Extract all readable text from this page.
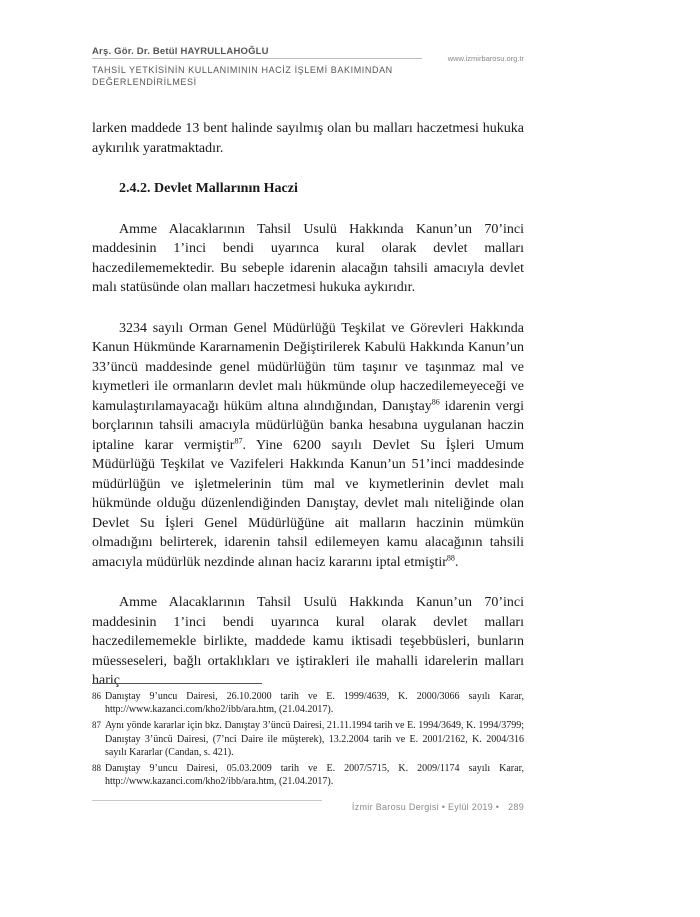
Arş. Gör. Dr. Betül HAYRULLAHOĞLU
www.izmirbarosu.org.tr
TAHSİL YETKİSİNİN KULLANIMININ HACİZ İŞLEMİ BAKIMINDAN
DEĞERLENDİRİLMESİ

larken maddede 13 bent halinde sayılmış olan bu malları haczetmesi hukuka aykırılık yaratmaktadır.

2.4.2. Devlet Mallarının Haczi

Amme Alacaklarının Tahsil Usulü Hakkında Kanun’un 70’inci maddesinin 1’inci bendi uyarınca kural olarak devlet malları haczedilememektedir. Bu sebeple idarenin alacağın tahsili amacıyla devlet malı statüsünde olan malları haczetmesi hukuka aykırıdır.

3234 sayılı Orman Genel Müdürlüğü Teşkilat ve Görevleri Hakkında Kanun Hükmünde Kararnamenin Değiştirilerek Kabulü Hakkında Kanun’un 33’üncü maddesinde genel müdürlüğün tüm taşınır ve taşınmaz mal ve kıymetleri ile ormanların devlet malı hükmünde olup haczedilemeyeceği ve kamulaştırılamayacağı hüküm altına alındığından, Danıştay$^{86}$ idarenin vergi borçlarının tahsili amacıyla müdürlüğün banka hesabına uygulanan haczin iptaline karar vermiştir$^{87}$. Yine 6200 sayılı Devlet Su İşleri Umum Müdürlüğü Teşkilat ve Vazifeleri Hakkında Kanun’un 51’inci maddesinde müdürlüğün ve işletmelerinin tüm mal ve kıymetlerinin devlet malı hükmünde olduğu düzenlendiğinden Danıştay, devlet malı niteliğinde olan Devlet Su İşleri Genel Müdürlüğüne ait malların haczinin mümkün olmadığını belirterek, idarenin tahsil edilemeyen kamu alacağının tahsili amacıyla müdürlük nezdinde alınan haciz kararını iptal etmiştir$^{88}$.

Amme Alacaklarının Tahsil Usulü Hakkında Kanun’un 70’inci maddesinin 1’inci bendi uyarınca kural olarak devlet malları haczedilememekle birlikte, maddede kamu iktisadi teşebbüsleri, bunların müesseseleri, bağlı ortaklıkları ve iştirakleri ile mahalli idarelerin malları hariç

86 Danıştay 9’uncu Dairesi, 26.10.2000 tarih ve E. 1999/4639, K. 2000/3066 sayılı Karar, http://www.kazanci.com/kho2/ibb/ara.htm, (21.04.2017).
87 Aynı yönde kararlar için bkz. Danıştay 3’üncü Dairesi, 21.11.1994 tarih ve E. 1994/3649, K. 1994/3799; Danıştay 3’üncü Dairesi, (7’nci Daire ile müşterek), 13.2.2004 tarih ve E. 2001/2162, K. 2004/316 sayılı Kararlar (Candan, s. 421).
88 Danıştay 9’uncu Dairesi, 05.03.2009 tarih ve E. 2007/5715, K. 2009/1174 sayılı Karar, http://www.kazanci.com/kho2/ibb/ara.htm, (21.04.2017).
İzmir Barosu Dergisi • Eylül 2019 • 289
